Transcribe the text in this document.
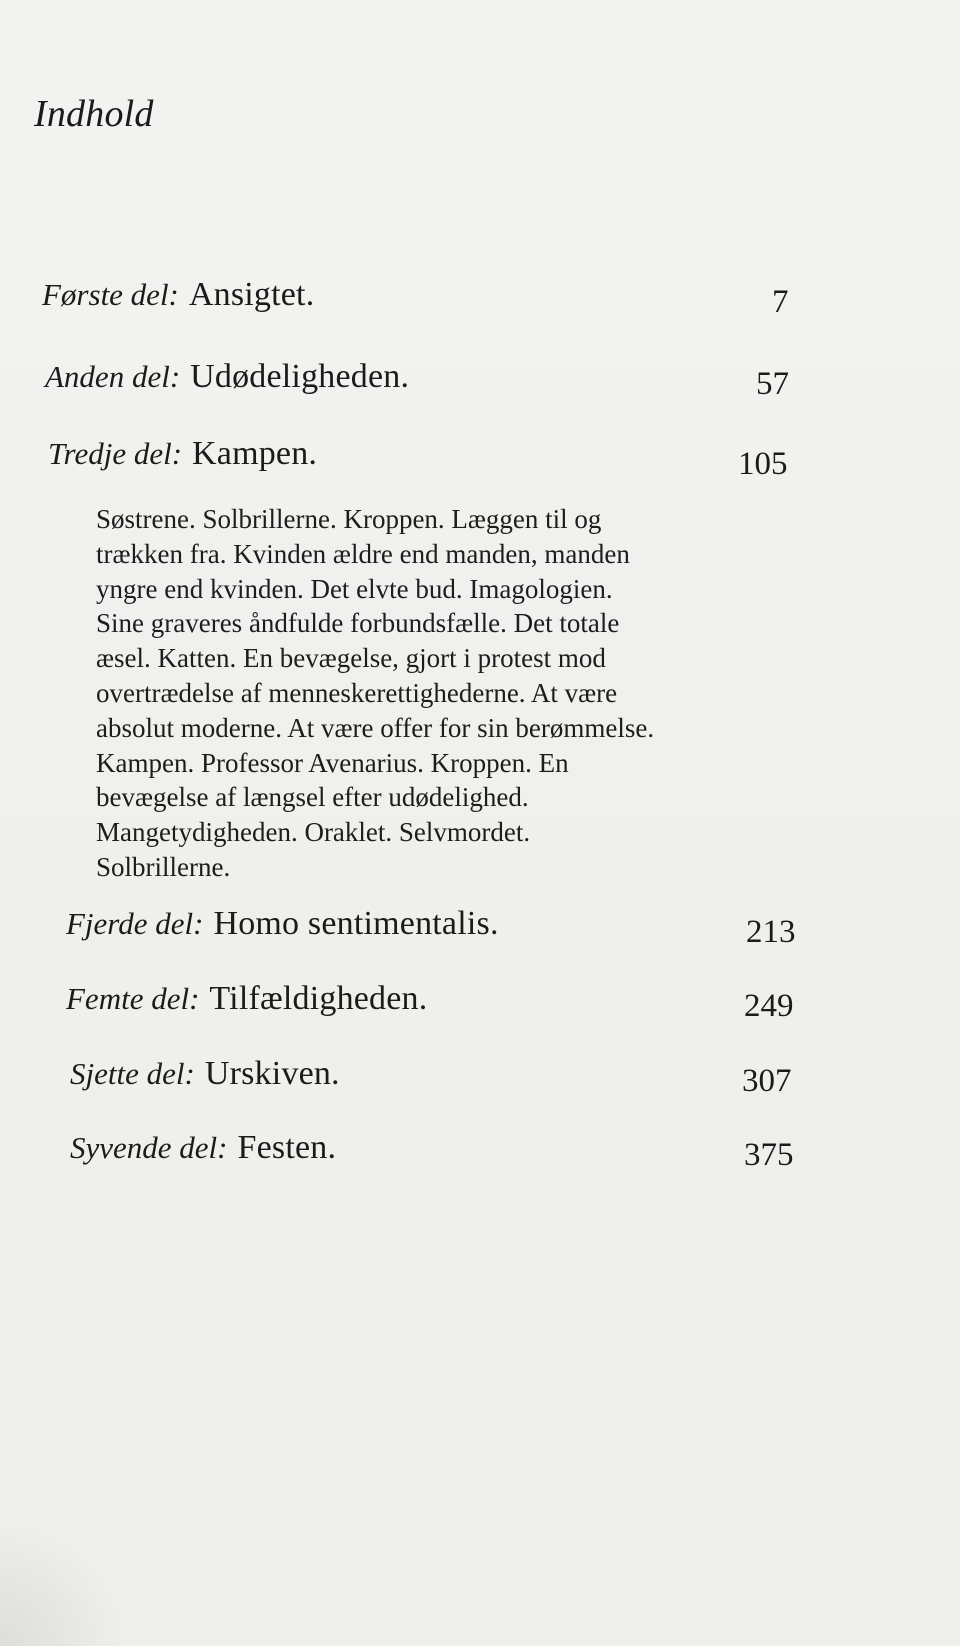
Indhold
Første del: Ansigtet.	7
Anden del: Udødeligheden.	57
Tredje del: Kampen.	105

Søstrene. Solbrillerne. Kroppen. Læggen til og
trækken fra. Kvinden ældre end manden, manden
yngre end kvinden. Det elvte bud. Imagologien.
Sine graveres åndfulde forbundsfælle. Det totale
æsel. Katten. En bevægelse, gjort i protest mod
overtrædelse af menneskerettighederne. At være
absolut moderne. At være offer for sin berømmelse.
Kampen. Professor Avenarius. Kroppen. En
bevægelse af længsel efter udødelighed.
Mangetydigheden. Oraklet. Selvmordet.
Solbrillerne.

Fjerde del: Homo sentimentalis.	213
Femte del: Tilfældigheden.	249
Sjette del: Urskiven.	307
Syvende del: Festen.	375
